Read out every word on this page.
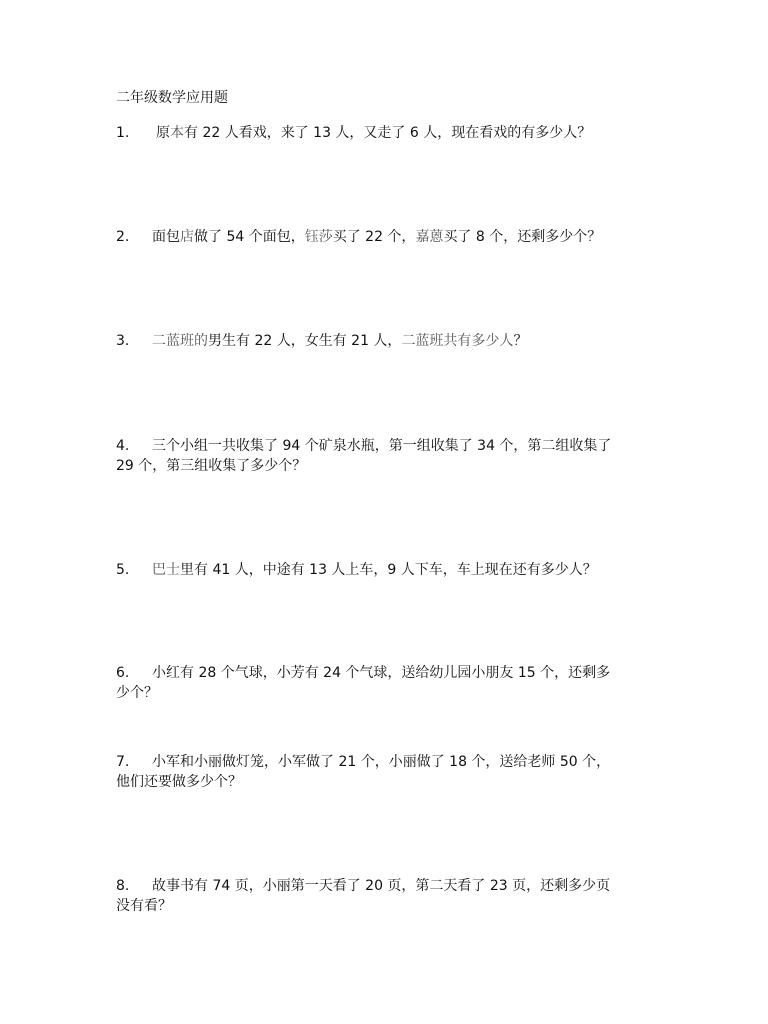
二年级数学应用题
1. 原本有 22 人看戏，来了 13 人，又走了 6 人，现在看戏的有多少人？
2. 面包店做了 54 个面包，钰莎买了 22 个，嘉蒽买了 8 个，还剩多少个？
3. 二蓝班的男生有 22 人，女生有 21 人，二蓝班共有多少人？
4. 三个小组一共收集了 94 个矿泉水瓶，第一组收集了 34 个，第二组收集了
29 个，第三组收集了多少个？
5. 巴士里有 41 人，中途有 13 人上车，9 人下车，车上现在还有多少人？
6. 小红有 28 个气球，小芳有 24 个气球，送给幼儿园小朋友 15 个，还剩多
少个？
7. 小军和小丽做灯笼，小军做了 21 个，小丽做了 18 个，送给老师 50 个，
他们还要做多少个？
8. 故事书有 74 页，小丽第一天看了 20 页，第二天看了 23 页，还剩多少页
没有看？
